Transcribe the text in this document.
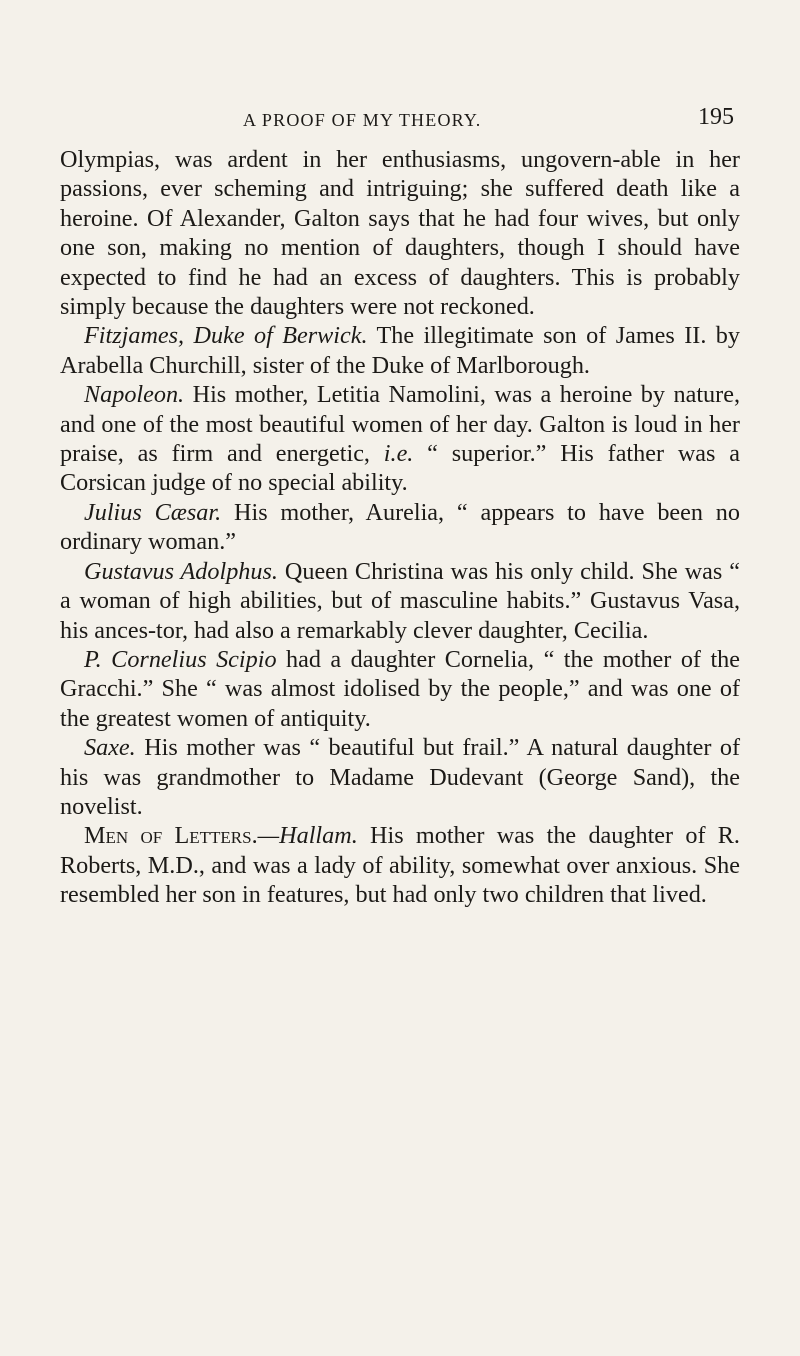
A PROOF OF MY THEORY.	195

Olympias, was ardent in her enthusiasms, ungovern-able in her passions, ever scheming and intriguing; she suffered death like a heroine. Of Alexander, Galton says that he had four wives, but only one son, making no mention of daughters, though I should have expected to find he had an excess of daughters. This is probably simply because the daughters were not reckoned.

Fitzjames, Duke of Berwick. The illegitimate son of James II. by Arabella Churchill, sister of the Duke of Marlborough.

Napoleon. His mother, Letitia Namolini, was a heroine by nature, and one of the most beautiful women of her day. Galton is loud in her praise, as firm and energetic, i.e. “ superior.” His father was a Corsican judge of no special ability.

Julius Cæsar. His mother, Aurelia, “ appears to have been no ordinary woman.”

Gustavus Adolphus. Queen Christina was his only child. She was “ a woman of high abilities, but of masculine habits.” Gustavus Vasa, his ances-tor, had also a remarkably clever daughter, Cecilia.

P. Cornelius Scipio had a daughter Cornelia, “ the mother of the Gracchi.” She “ was almost idolised by the people,” and was one of the greatest women of antiquity.

Saxe. His mother was “ beautiful but frail.” A natural daughter of his was grandmother to Madame Dudevant (George Sand), the novelist.

Men of Letters.—Hallam. His mother was the daughter of R. Roberts, M.D., and was a lady of ability, somewhat over anxious. She resembled her son in features, but had only two children that lived.
